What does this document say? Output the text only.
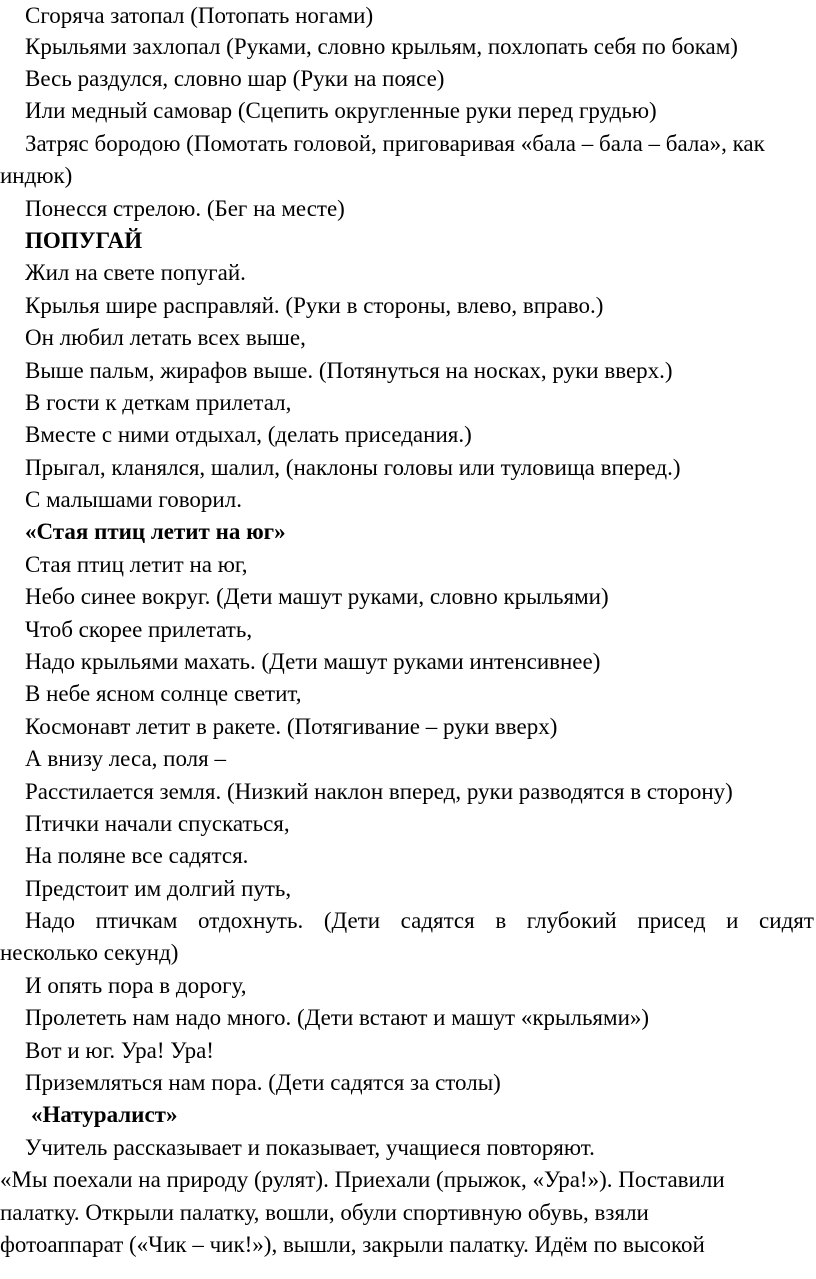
Сгоряча затопал (Потопать ногами)
Крыльями захлопал (Руками, словно крыльям, похлопать себя по бокам)
Весь раздулся, словно шар (Руки на поясе)
Или медный самовар (Сцепить округленные руки перед грудью)
Затряс бородою (Помотать головой, приговаривая «бала – бала – бала», как
индюк)
Понесся стрелою. (Бег на месте)
ПОПУГАЙ
Жил на свете попугай.
Крылья шире расправляй. (Руки в стороны, влево, вправо.)
Он любил летать всех выше,
Выше пальм, жирафов выше. (Потянуться на носках, руки вверх.)
В гости к деткам прилетал,
Вместе с ними отдыхал, (делать приседания.)
Прыгал, кланялся, шалил, (наклоны головы или туловища вперед.)
С малышами говорил.
«Стая птиц летит на юг»
Стая птиц летит на юг,
Небо синее вокруг. (Дети машут руками, словно крыльями)
Чтоб скорее прилетать,
Надо крыльями махать. (Дети машут руками интенсивнее)
В небе ясном солнце светит,
Космонавт летит в ракете. (Потягивание – руки вверх)
А внизу леса, поля –
Расстилается земля. (Низкий наклон вперед, руки разводятся в сторону)
Птички начали спускаться,
На поляне все садятся.
Предстоит им долгий путь,
Надо птичкам отдохнуть. (Дети садятся в глубокий присед и сидят
несколько секунд)
И опять пора в дорогу,
Пролететь нам надо много. (Дети встают и машут «крыльями»)
Вот и юг. Ура! Ура!
Приземляться нам пора. (Дети садятся за столы)
«Натуралист»
Учитель рассказывает и показывает, учащиеся повторяют.
«Мы поехали на природу (рулят). Приехали (прыжок, «Ура!»). Поставили
палатку. Открыли палатку, вошли, обули спортивную обувь, взяли
фотоаппарат («Чик – чик!»), вышли, закрыли палатку. Идём по высокой
